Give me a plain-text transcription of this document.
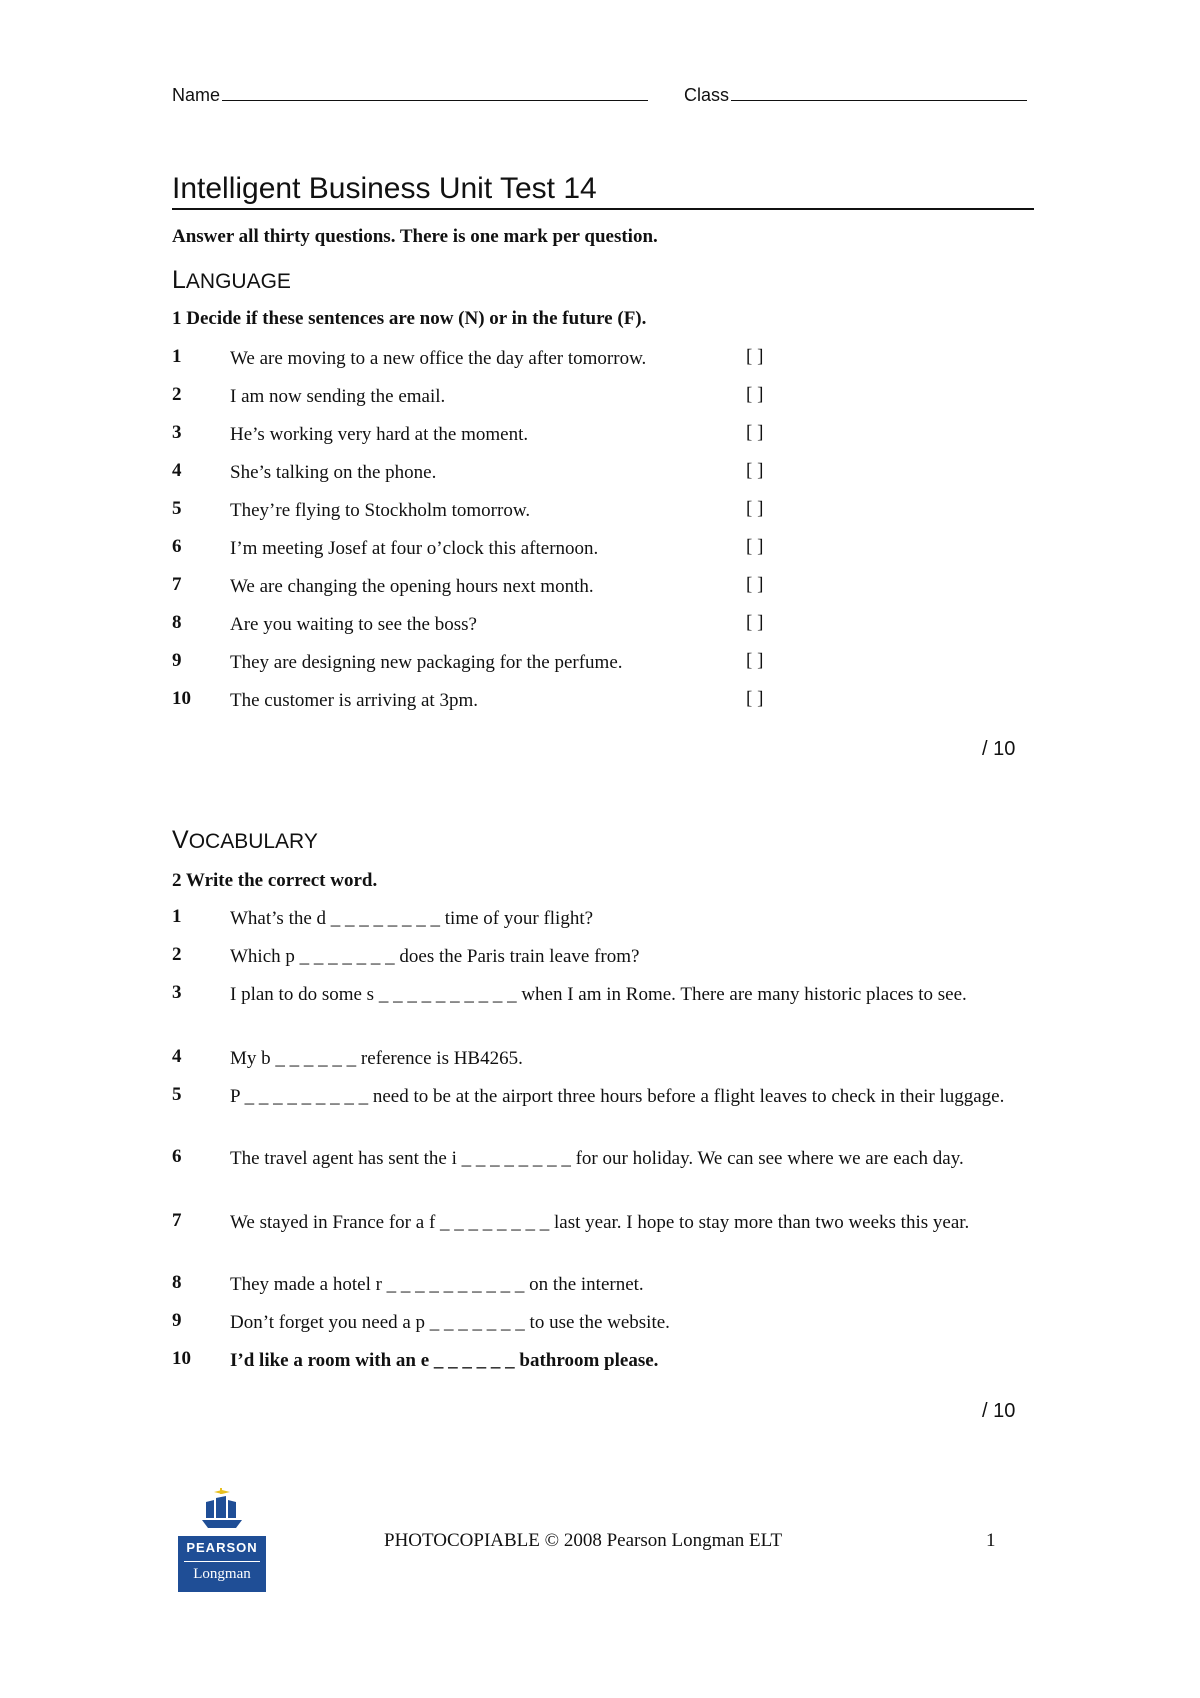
Name	Class
Intelligent Business Unit Test 14
Answer all thirty questions. There is one mark per question.
LANGUAGE
1 Decide if these sentences are now (N) or in the future (F).
1	We are moving to a new office the day after tomorrow.	[ ]
2	I am now sending the email.	[ ]
3	He’s working very hard at the moment.	[ ]
4	She’s talking on the phone.	[ ]
5	They’re flying to Stockholm tomorrow.	[ ]
6	I’m meeting Josef at four o’clock this afternoon.	[ ]
7	We are changing the opening hours next month.	[ ]
8	Are you waiting to see the boss?	[ ]
9	They are designing new packaging for the perfume.	[ ]
10 The customer is arriving at 3pm.	[ ]
/ 10
VOCABULARY
2 Write the correct word.
1	What’s the d _ _ _ _ _ _ _ _ time of your flight?
2	Which p _ _ _ _ _ _ _ does the Paris train leave from?
3	I plan to do some s _ _ _ _ _ _ _ _ _ _ when I am in Rome. There are many historic places to see.
4	My b _ _ _ _ _ _ reference is HB4265.
5	P _ _ _ _ _ _ _ _ _ need to be at the airport three hours before a flight leaves to check in their luggage.
6	The travel agent has sent the i _ _ _ _ _ _ _ _ for our holiday. We can see where we are each day.
7	We stayed in France for a f _ _ _ _ _ _ _ _ last year. I hope to stay more than two weeks this year.
8	They made a hotel r _ _ _ _ _ _ _ _ _ _ on the internet.
9	Don’t forget you need a p _ _ _ _ _ _ _ to use the website.
10 I’d like a room with an e _ _ _ _ _ _ bathroom please.
/ 10
PEARSON
Longman
PHOTOCOPIABLE © 2008 Pearson Longman ELT	1
